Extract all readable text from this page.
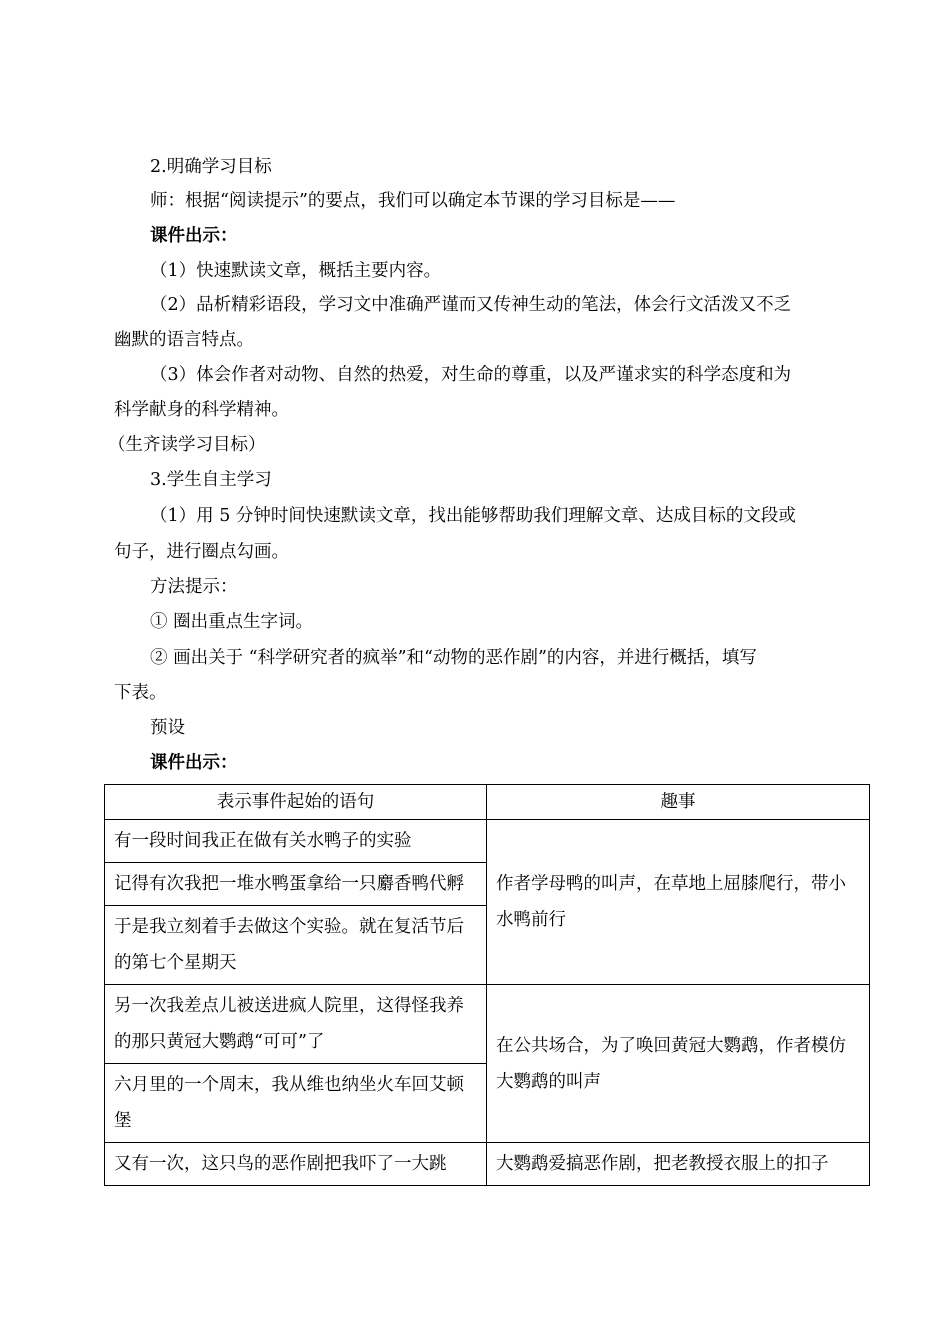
2.明确学习目标
师：根据“阅读提示”的要点，我们可以确定本节课的学习目标是——
课件出示：
（1）快速默读文章，概括主要内容。
（2）品析精彩语段，学习文中准确严谨而又传神生动的笔法，体会行文活泼又不乏
幽默的语言特点。
（3）体会作者对动物、自然的热爱，对生命的尊重，以及严谨求实的科学态度和为
科学献身的科学精神。
（生齐读学习目标）
3.学生自主学习
（1）用 5 分钟时间快速默读文章，找出能够帮助我们理解文章、达成目标的文段或
句子，进行圈点勾画。
方法提示：
① 圈出重点生字词。
② 画出关于 “科学研究者的疯举”和“动物的恶作剧”的内容，并进行概括，填写
下表。
预设
课件出示：
表示事件起始的语句	趣事
有一段时间我正在做有关水鸭子的实验	作者学母鸭的叫声，在草地上屈膝爬行，带小水鸭前行
记得有次我把一堆水鸭蛋拿给一只麝香鸭代孵	
于是我立刻着手去做这个实验。就在复活节后的第七个星期天	
另一次我差点儿被送进疯人院里，这得怪我养的那只黄冠大鹦鹉“可可”了	在公共场合，为了唤回黄冠大鹦鹉，作者模仿大鹦鹉的叫声
六月里的一个周末，我从维也纳坐火车回艾顿堡	
又有一次，这只鸟的恶作剧把我吓了一大跳	大鹦鹉爱搞恶作剧，把老教授衣服上的扣子
